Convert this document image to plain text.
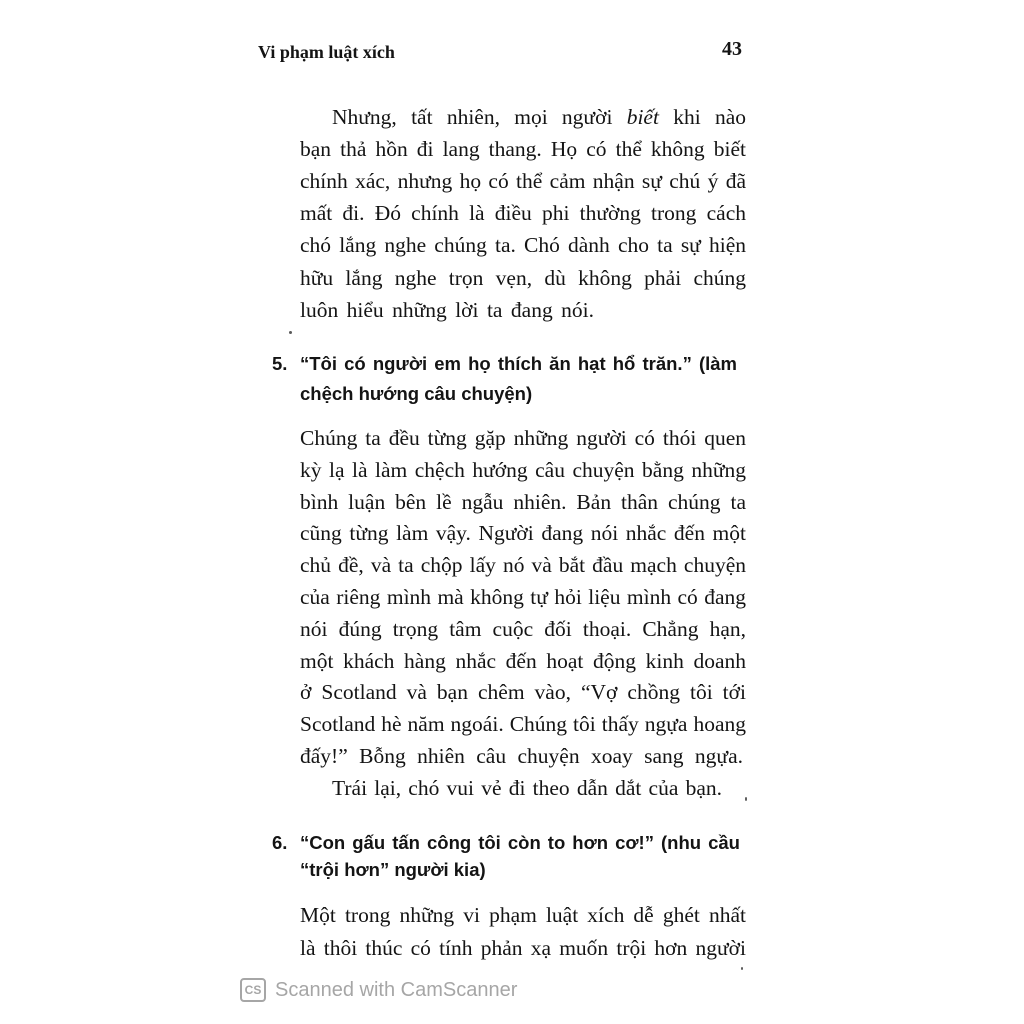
Vi phạm luật xích	43
Nhưng, tất nhiên, mọi người biết khi nào
bạn thả hồn đi lang thang. Họ có thể không biết
chính xác, nhưng họ có thể cảm nhận sự chú ý đã
mất đi. Đó chính là điều phi thường trong cách
chó lắng nghe chúng ta. Chó dành cho ta sự hiện
hữu lắng nghe trọn vẹn, dù không phải chúng
luôn hiểu những lời ta đang nói.
5. “Tôi có người em họ thích ăn hạt hổ trăn.” (làm
chệch hướng câu chuyện)
Chúng ta đều từng gặp những người có thói quen
kỳ lạ là làm chệch hướng câu chuyện bằng những
bình luận bên lề ngẫu nhiên. Bản thân chúng ta
cũng từng làm vậy. Người đang nói nhắc đến một
chủ đề, và ta chộp lấy nó và bắt đầu mạch chuyện
của riêng mình mà không tự hỏi liệu mình có đang
nói đúng trọng tâm cuộc đối thoại. Chẳng hạn,
một khách hàng nhắc đến hoạt động kinh doanh
ở Scotland và bạn chêm vào, “Vợ chồng tôi tới
Scotland hè năm ngoái. Chúng tôi thấy ngựa hoang
đấy!” Bỗng nhiên câu chuyện xoay sang ngựa.
Trái lại, chó vui vẻ đi theo dẫn dắt của bạn.
6. “Con gấu tấn công tôi còn to hơn cơ!” (nhu cầu
“trội hơn” người kia)
Một trong những vi phạm luật xích dễ ghét nhất
là thôi thúc có tính phản xạ muốn trội hơn người
CS Scanned with CamScanner
